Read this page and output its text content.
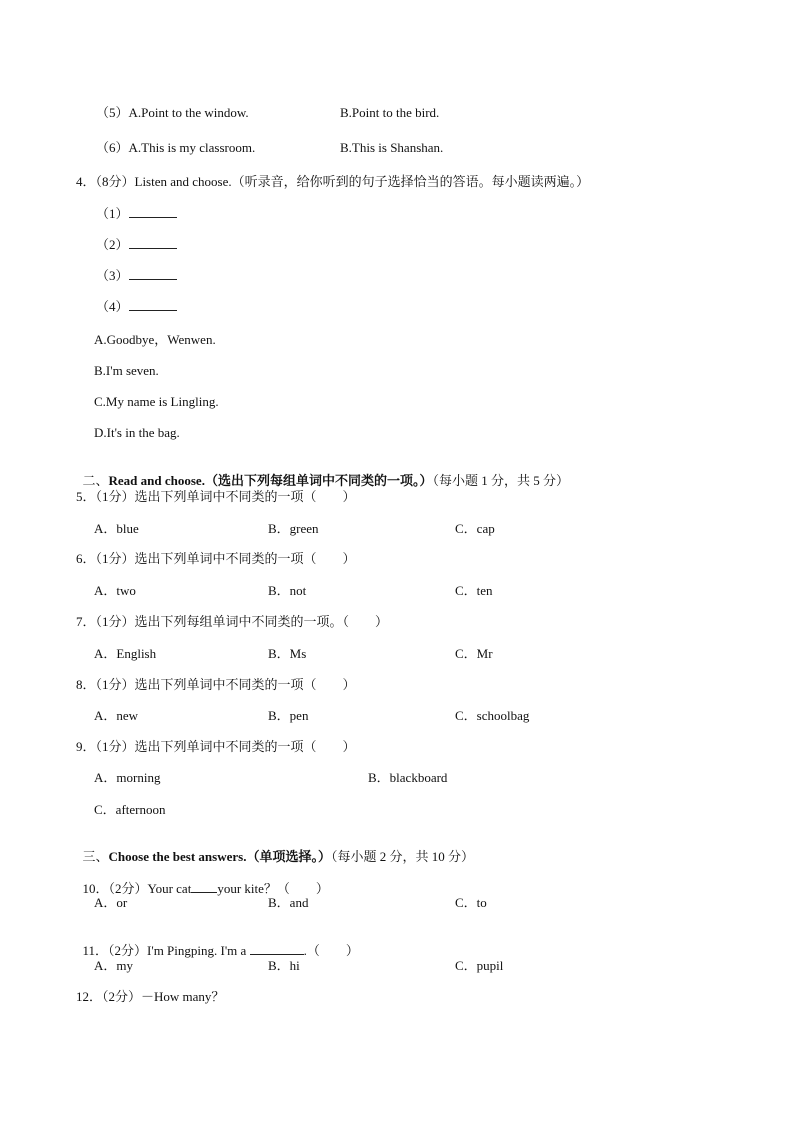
（5）A.Point to the window.	B.Point to the bird.
（6）A.This is my classroom.	B.This is Shanshan.
4．（8分）Listen and choose.（听录音，给你听到的句子选择恰当的答语。每小题读两遍。）
（1）
（2）
（3）
（4）
A.Goodbye，Wenwen.
B.I'm seven.
C.My name is Lingling.
D.It's in the bag.

二、Read and choose.（选出下列每组单词中不同类的一项。）（每小题 1 分，共 5 分）

5．（1分）选出下列单词中不同类的一项（　　）
A．blue	B．green	C．cap
6．（1分）选出下列单词中不同类的一项（　　）
A．two	B．not	C．ten
7．（1分）选出下列每组单词中不同类的一项。（　　）
A．English	B．Ms	C．Mr
8．（1分）选出下列单词中不同类的一项（　　）
A．new	B．pen	C．schoolbag
9．（1分）选出下列单词中不同类的一项（　　）
A．morning	B．blackboard
C．afternoon

三、Choose the best answers.（单项选择。）（每小题 2 分，共 10 分）

10．（2分）Your cat your kite？（　　）

A．or	B．and	C．to

11．（2分）I'm Pingping. I'm a	.（　　）

A．my	B．hi	C．pupil
12．（2分）－How many？
